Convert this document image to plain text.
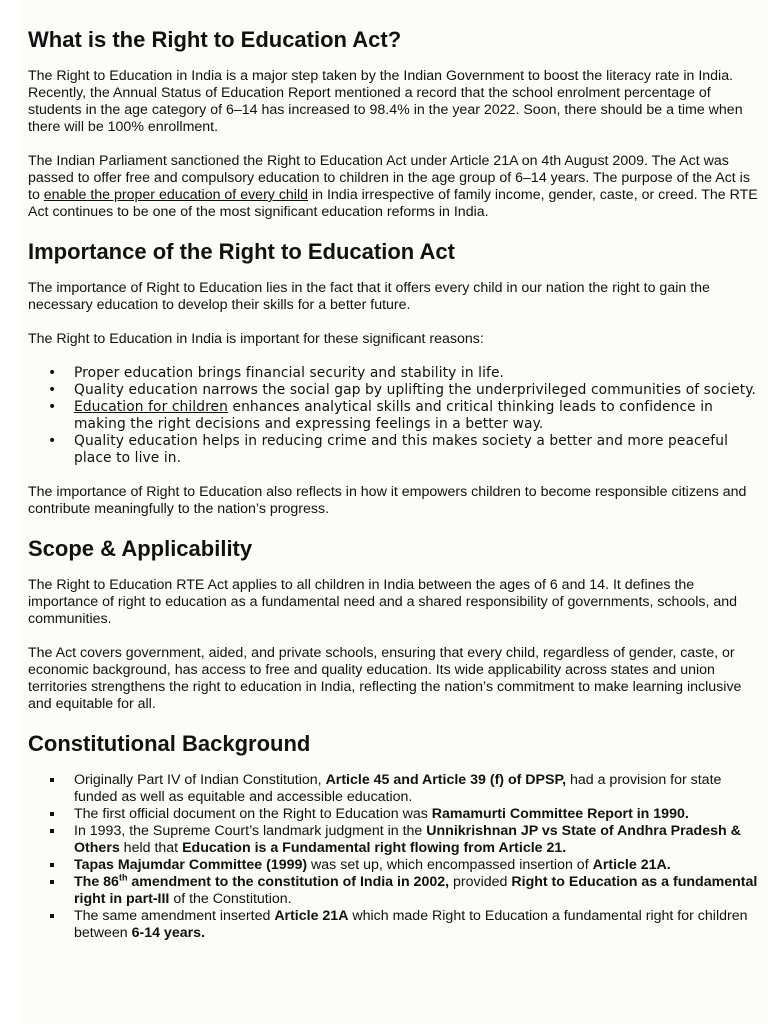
What is the Right to Education Act?

The Right to Education in India is a major step taken by the Indian Government to boost the literacy rate in India. Recently, the Annual Status of Education Report mentioned a record that the school enrolment percentage of students in the age category of 6–14 has increased to 98.4% in the year 2022. Soon, there should be a time when there will be 100% enrollment.

The Indian Parliament sanctioned the Right to Education Act under Article 21A on 4th August 2009. The Act was passed to offer free and compulsory education to children in the age group of 6–14 years. The purpose of the Act is to enable the proper education of every child in India irrespective of family income, gender, caste, or creed. The RTE Act continues to be one of the most significant education reforms in India.

Importance of the Right to Education Act

The importance of Right to Education lies in the fact that it offers every child in our nation the right to gain the necessary education to develop their skills for a better future.

The Right to Education in India is important for these significant reasons:

• Proper education brings financial security and stability in life.
• Quality education narrows the social gap by uplifting the underprivileged communities of society.
• Education for children enhances analytical skills and critical thinking leads to confidence in making the right decisions and expressing feelings in a better way.
• Quality education helps in reducing crime and this makes society a better and more peaceful place to live in.

The importance of Right to Education also reflects in how it empowers children to become responsible citizens and contribute meaningfully to the nation’s progress.

Scope & Applicability

The Right to Education RTE Act applies to all children in India between the ages of 6 and 14. It defines the importance of right to education as a fundamental need and a shared responsibility of governments, schools, and communities.

The Act covers government, aided, and private schools, ensuring that every child, regardless of gender, caste, or economic background, has access to free and quality education. Its wide applicability across states and union territories strengthens the right to education in India, reflecting the nation’s commitment to make learning inclusive and equitable for all.

Constitutional Background
Originally Part IV of Indian Constitution, Article 45 and Article 39 (f) of DPSP, had a provision for state funded as well as equitable and accessible education.
The first official document on the Right to Education was Ramamurti Committee Report in 1990.
In 1993, the Supreme Court’s landmark judgment in the Unnikrishnan JP vs State of Andhra Pradesh & Others held that Education is a Fundamental right flowing from Article 21.
Tapas Majumdar Committee (1999) was set up, which encompassed insertion of Article 21A.
The 86th amendment to the constitution of India in 2002, provided Right to Education as a fundamental right in part-III of the Constitution.
The same amendment inserted Article 21A which made Right to Education a fundamental right for children between 6-14 years.
